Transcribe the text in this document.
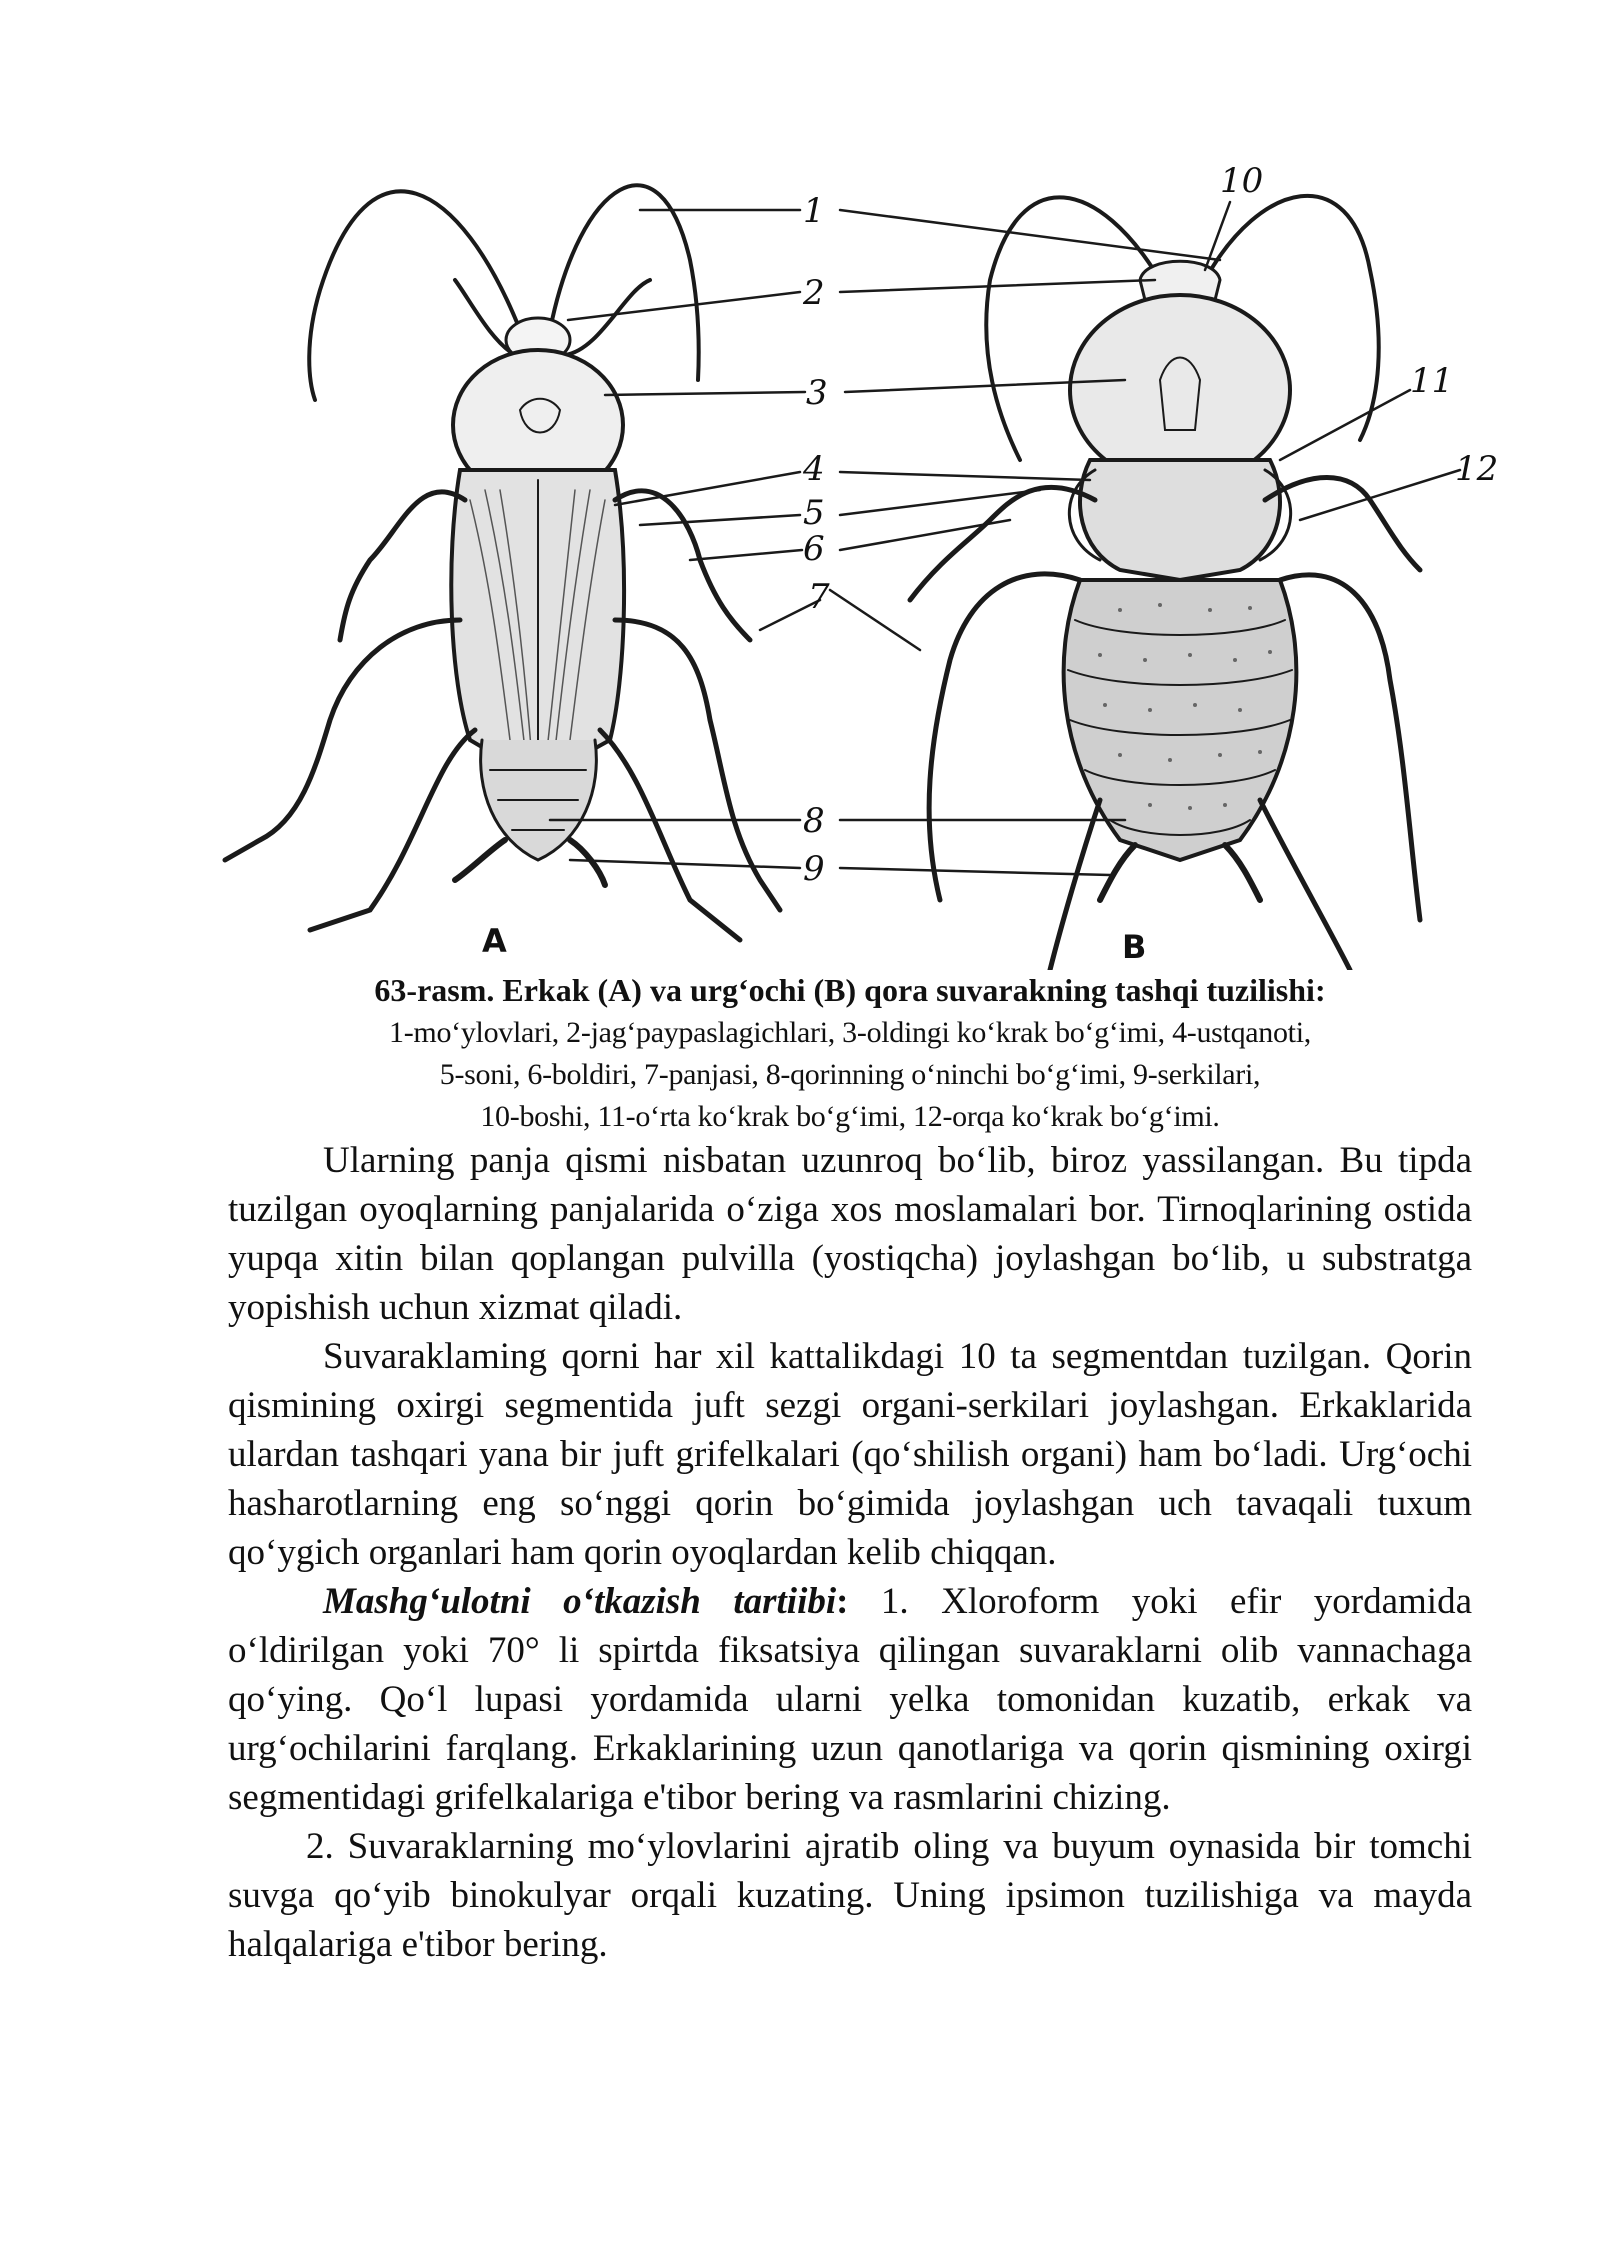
1
2
3
4
5
6
7
8
9
10
11
12
A	B
63-rasm. Erkak (A) va urg‘ochi (B) qora suvarakning tashqi tuzilishi:
1-mo‘ylovlari, 2-jag‘paypaslagichlari, 3-oldingi ko‘krak bo‘g‘imi, 4-ustqanoti,
5-soni, 6-boldiri, 7-panjasi, 8-qorinning o‘ninchi bo‘g‘imi, 9-serkilari,
10-boshi, 11-o‘rta ko‘krak bo‘g‘imi, 12-orqa ko‘krak bo‘g‘imi.

Ularning panja qismi nisbatan uzunroq bo‘lib, biroz yassilangan. Bu tipda tuzilgan oyoqlarning panjalarida o‘ziga xos moslamalari bor. Tirnoqlarining ostida yupqa xitin bilan qoplangan pulvilla (yostiqcha) joylashgan bo‘lib, u substratga yopishish uchun xizmat qiladi.

Suvaraklaming qorni har xil kattalikdagi 10 ta segmentdan tuzilgan. Qorin qismining oxirgi segmentida juft sezgi organi-serkilari joylashgan. Erkaklarida ulardan tashqari yana bir juft grifelkalari (qo‘shilish organi) ham bo‘ladi. Urg‘ochi hasharotlarning eng so‘nggi qorin bo‘gimida joylashgan uch tavaqali tuxum qo‘ygich organlari ham qorin oyoqlardan kelib chiqqan.

Mashg‘ulotni o‘tkazish tartiibi: 1. Xloroform yoki efir yordamida o‘ldirilgan yoki 70° li spirtda fiksatsiya qilingan suvaraklarni olib vannachaga qo‘ying. Qo‘l lupasi yordamida ularni yelka tomonidan kuzatib, erkak va urg‘ochilarini farqlang. Erkaklarining uzun qanotlariga va qorin qismining oxirgi segmentidagi grifelkalariga e'tibor bering va rasmlarini chizing.

2. Suvaraklarning mo‘ylovlarini ajratib oling va buyum oynasida bir tomchi suvga qo‘yib binokulyar orqali kuzating. Uning ipsimon tuzilishiga va mayda halqalariga e'tibor bering.
